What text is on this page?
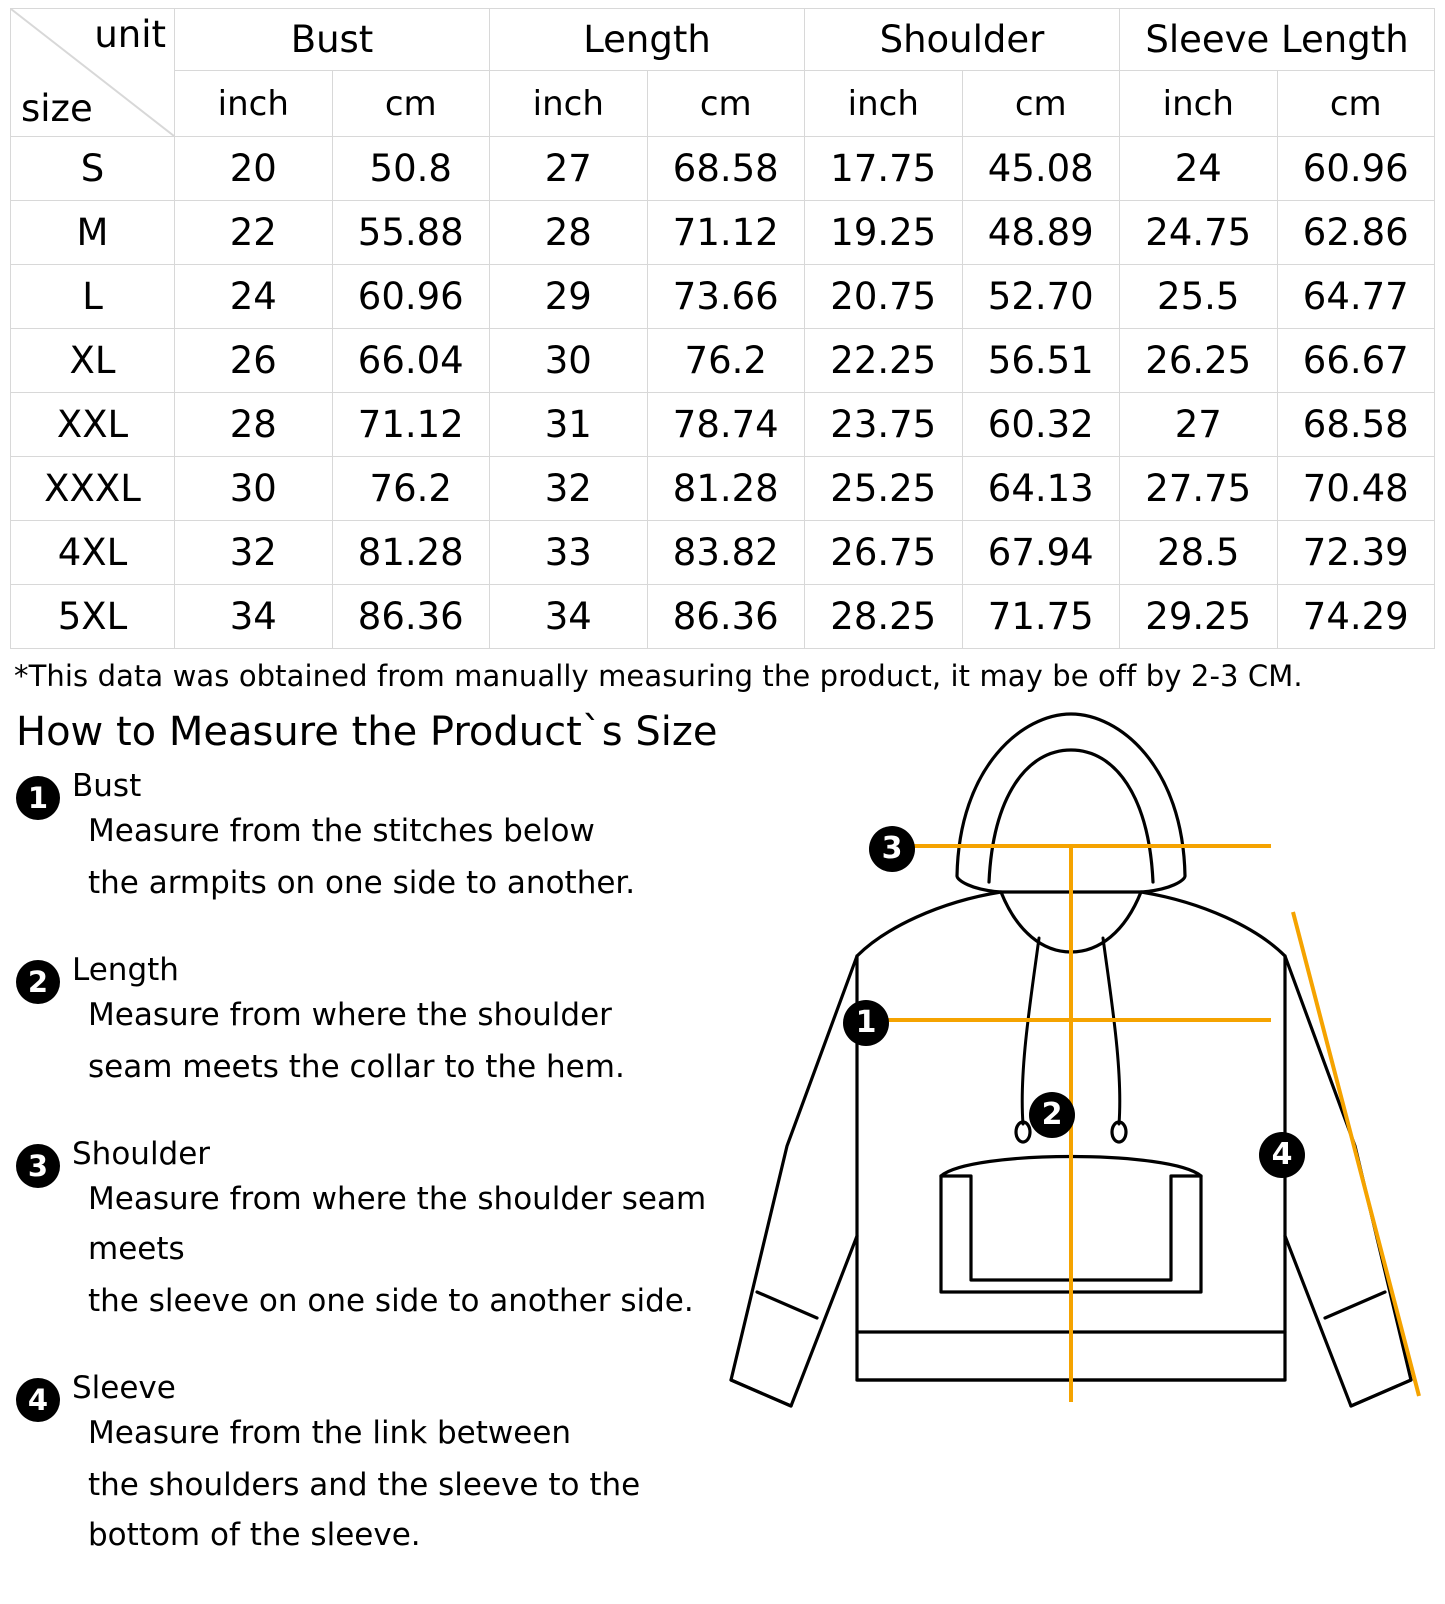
unit
size	Bust		Length		Shoulder		Sleeve Length	
	inch	cm	inch	cm	inch	cm	inch	cm
S	20	50.8	27	68.58	17.75	45.08	24	60.96
M	22	55.88	28	71.12	19.25	48.89	24.75	62.86
L	24	60.96	29	73.66	20.75	52.70	25.5	64.77
XL	26	66.04	30	76.2	22.25	56.51	26.25	66.67
XXL	28	71.12	31	78.74	23.75	60.32	27	68.58
XXXL	30	76.2	32	81.28	25.25	64.13	27.75	70.48
4XL	32	81.28	33	83.82	26.75	67.94	28.5	72.39
5XL	34	86.36	34	86.36	28.25	71.75	29.25	74.29
*This data was obtained from manually measuring the product, it may be off by 2-3 CM.
How to Measure the Product`s Size
1 Bust
Measure from the stitches below
the armpits on one side to another.
2 Length
Measure from where the shoulder
seam meets the collar to the hem.
3 Shoulder
Measure from where the shoulder seam meets
the sleeve on one side to another side.
4 Sleeve
Measure from the link between
the shoulders and the sleeve to the bottom of the sleeve.
3
1
2
4
